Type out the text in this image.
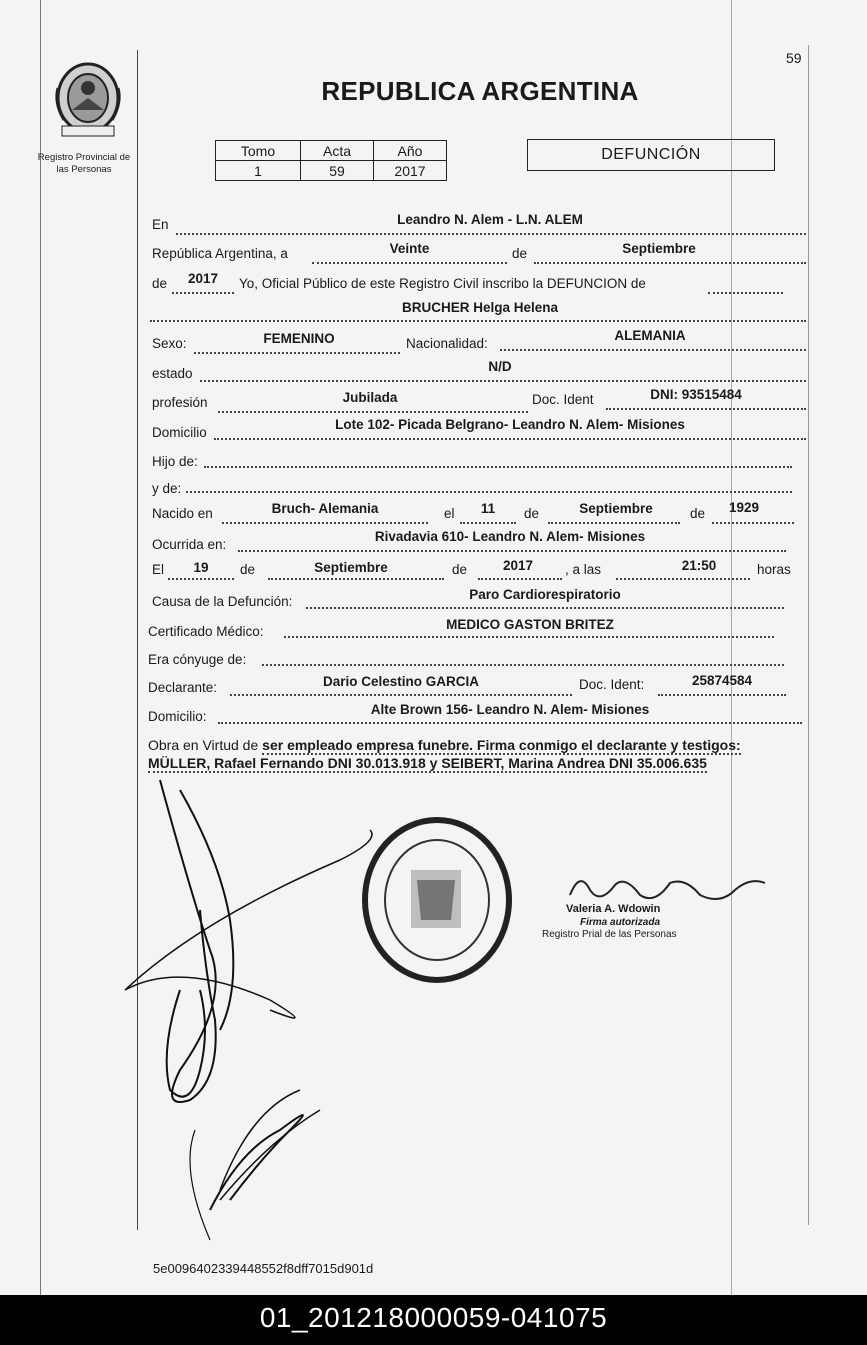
Registro Provincial de
las Personas
59
REPUBLICA ARGENTINA
Tomo	Acta	Año
1	59	2017
DEFUNCIÓN
En	Leandro N. Alem - L.N. ALEM
República Argentina, a	Veinte	de	Septiembre
de	2017	Yo, Oficial Público de este Registro Civil inscribo la DEFUNCION de
BRUCHER Helga Helena
Sexo:	FEMENINO	Nacionalidad:
ALEMANIA
estado	N/D
profesión	Jubilada	Doc. Ident	DNI: 93515484
Domicilio
Lote 102- Picada Belgrano- Leandro N. Alem- Misiones
Hijo de:
y de:
Nacido en	Bruch- Alemania	el	11	de	Septiembre	de	1929
Ocurrida en:
Rivadavia 610- Leandro N. Alem- Misiones
El	19	de	Septiembre	de	2017	, a las	21:50	horas
Causa de la Defunción:	Paro Cardiorespiratorio
Certificado Médico:	MEDICO GASTON BRITEZ
Era cónyuge de:
Declarante:	Dario Celestino GARCIA	Doc. Ident:	25874584
Domicilio:	Alte Brown 156- Leandro N. Alem- Misiones
Obra en Virtud de ser empleado empresa funebre. Firma conmigo el declarante y testigos:
MÜLLER, Rafael Fernando DNI 30.013.918 y SEIBERT, Marina Andrea DNI 35.006.635
Valeria A. Wdowin
Firma autorizada
Registro Prial de las Personas
5e0096402339448552f8dff7015d901d
01_201218000059-041075
